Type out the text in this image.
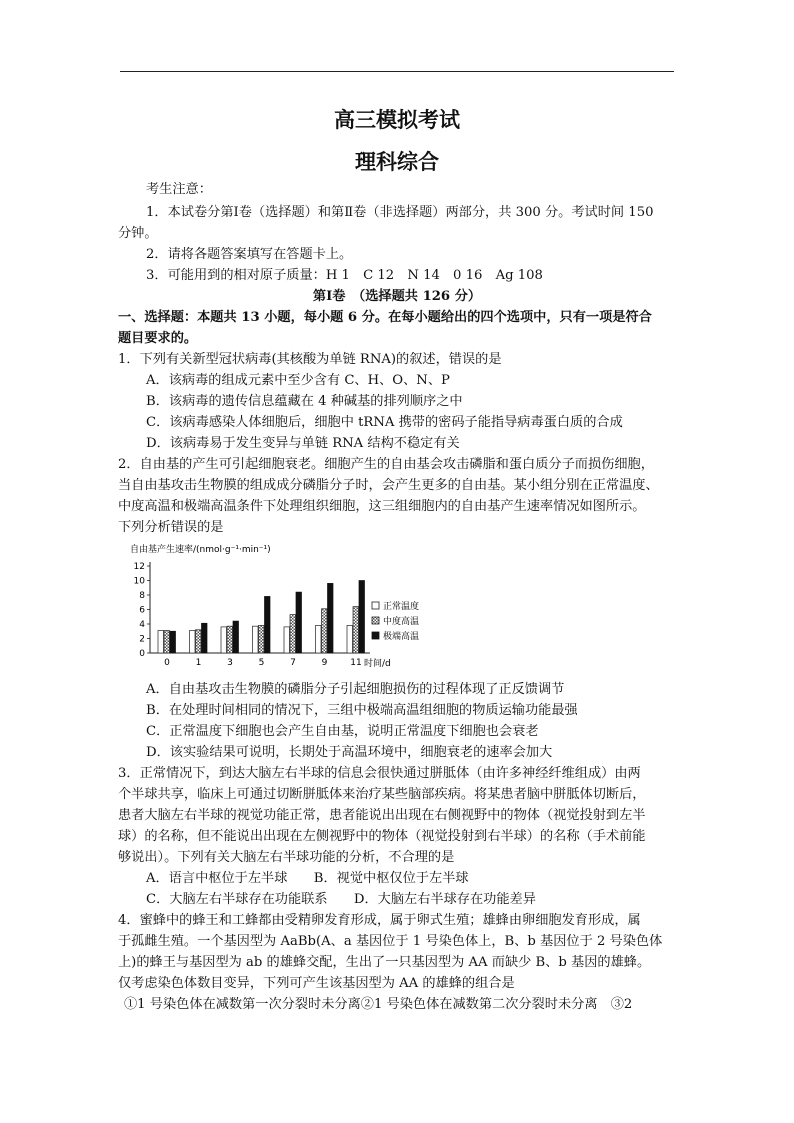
高三模拟考试
理科综合
考生注意：
1．本试卷分第Ⅰ卷（选择题）和第Ⅱ卷（非选择题）两部分，共 300 分。考试时间 150
分钟。
2．请将各题答案填写在答题卡上。
3．可能用到的相对原子质量：H 1　C 12　N 14　0 16　Ag 108
第Ⅰ卷　（选择题共 126 分）
一、选择题：本题共 13 小题，每小题 6 分。在每小题给出的四个选项中，只有一项是符合
题目要求的。
1．下列有关新型冠状病毒(其核酸为单链 RNA)的叙述，错误的是
A．该病毒的组成元素中至少含有 C、H、O、N、P
B．该病毒的遗传信息蕴藏在 4 种碱基的排列顺序之中
C．该病毒感染人体细胞后，细胞中 tRNA 携带的密码子能指导病毒蛋白质的合成
D．该病毒易于发生变异与单链 RNA 结构不稳定有关
2．自由基的产生可引起细胞衰老。细胞产生的自由基会攻击磷脂和蛋白质分子而损伤细胞，
当自由基攻击生物膜的组成成分磷脂分子时，会产生更多的自由基。某小组分别在正常温度、
中度高温和极端高温条件下处理组织细胞，这三组细胞内的自由基产生速率情况如图所示。
下列分析错误的是
自由基产生速率/(nmol·g⁻¹·min⁻¹)
0
2
4
6
8
10
12
0	1	3	5	7	9	11 时间/d
正常温度
中度高温
极端高温
A．自由基攻击生物膜的磷脂分子引起细胞损伤的过程体现了正反馈调节
B．在处理时间相同的情况下，三组中极端高温组细胞的物质运输功能最强
C．正常温度下细胞也会产生自由基，说明正常温度下细胞也会衰老
D．该实验结果可说明，长期处于高温环境中，细胞衰老的速率会加大
3．正常情况下，到达大脑左右半球的信息会很快通过胼胝体（由许多神经纤维组成）由两
个半球共享，临床上可通过切断胼胝体来治疗某些脑部疾病。将某患者脑中胼胝体切断后，
患者大脑左右半球的视觉功能正常，患者能说出出现在右侧视野中的物体（视觉投射到左半
球）的名称，但不能说出出现在左侧视野中的物体（视觉投射到右半球）的名称（手术前能
够说出）。下列有关大脑左右半球功能的分析，不合理的是
A．语言中枢位于左半球　　B．视觉中枢仅位于左半球
C．大脑左右半球存在功能联系　　D．大脑左右半球存在功能差异
4．蜜蜂中的蜂王和工蜂都由受精卵发育形成，属于卵式生殖；雄蜂由卵细胞发育形成，属
于孤雌生殖。一个基因型为 AaBb(A、a 基因位于 1 号染色体上，B、b 基因位于 2 号染色体
上)的蜂王与基因型为 ab 的雄蜂交配，生出了一只基因型为 AA 而缺少 B、b 基因的雄蜂。
仅考虑染色体数目变异，下列可产生该基因型为 AA 的雄蜂的组合是
①1 号染色体在减数第一次分裂时未分离②1 号染色体在减数第二次分裂时未分离　③2
